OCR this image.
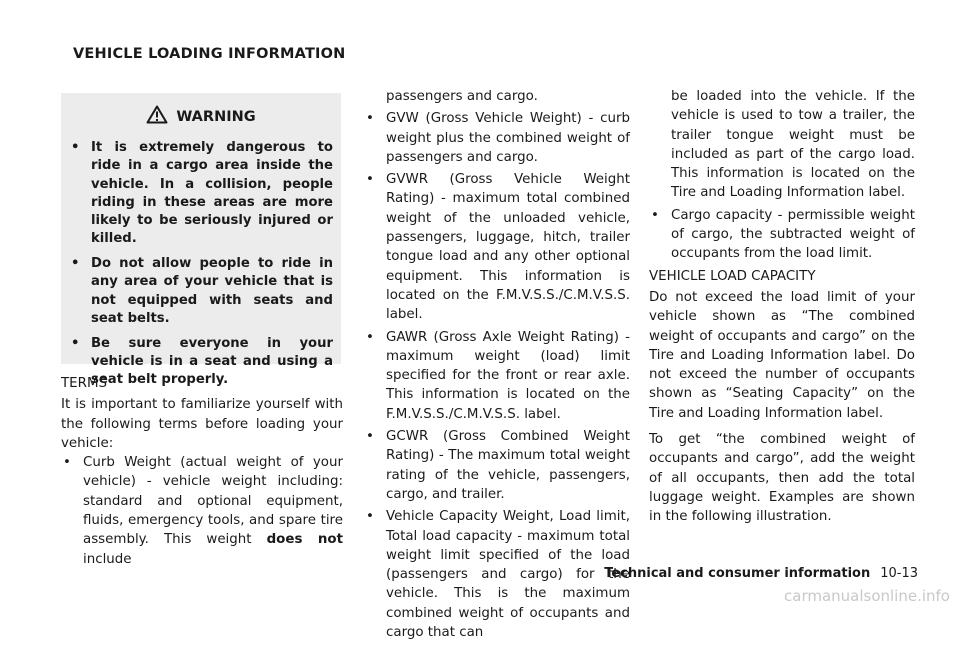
VEHICLE LOADING INFORMATION
WARNING
• It is extremely dangerous to ride in a cargo area inside the vehicle. In a collision, people riding in these areas are more likely to be seriously injured or killed.
• Do not allow people to ride in any area of your vehicle that is not equipped with seats and seat belts.
• Be sure everyone in your vehicle is in a seat and using a seat belt properly.

TERMS

It is important to familiarize yourself with the following terms before loading your vehicle:

• Curb Weight (actual weight of your vehicle) - vehicle weight including: standard and optional equipment, fluids, emergency tools, and spare tire assembly. This weight does not include

passengers and cargo.

• GVW (Gross Vehicle Weight) - curb weight plus the combined weight of passengers and cargo.
• GVWR (Gross Vehicle Weight Rating) - maximum total combined weight of the unloaded vehicle, passengers, luggage, hitch, trailer tongue load and any other optional equipment. This information is located on the F.M.V.S.S./C.M.V.S.S. label.
• GAWR (Gross Axle Weight Rating) - maximum weight (load) limit specified for the front or rear axle. This information is located on the F.M.V.S.S./C.M.V.S.S. label.
• GCWR (Gross Combined Weight Rating) - The maximum total weight rating of the vehicle, passengers, cargo, and trailer.
• Vehicle Capacity Weight, Load limit, Total load capacity - maximum total weight limit specified of the load (passengers and cargo) for the vehicle. This is the maximum combined weight of occupants and cargo that can

be loaded into the vehicle. If the vehicle is used to tow a trailer, the trailer tongue weight must be included as part of the cargo load. This information is located on the Tire and Loading Information label.

• Cargo capacity - permissible weight of cargo, the subtracted weight of occupants from the load limit.

VEHICLE LOAD CAPACITY

Do not exceed the load limit of your vehicle shown as “The combined weight of occupants and cargo” on the Tire and Loading Information label. Do not exceed the number of occupants shown as “Seating Capacity” on the Tire and Loading Information label.

To get “the combined weight of occupants and cargo”, add the weight of all occupants, then add the total luggage weight. Examples are shown in the following illustration.

Technical and consumer information 10-13
carmanualsonline.info
